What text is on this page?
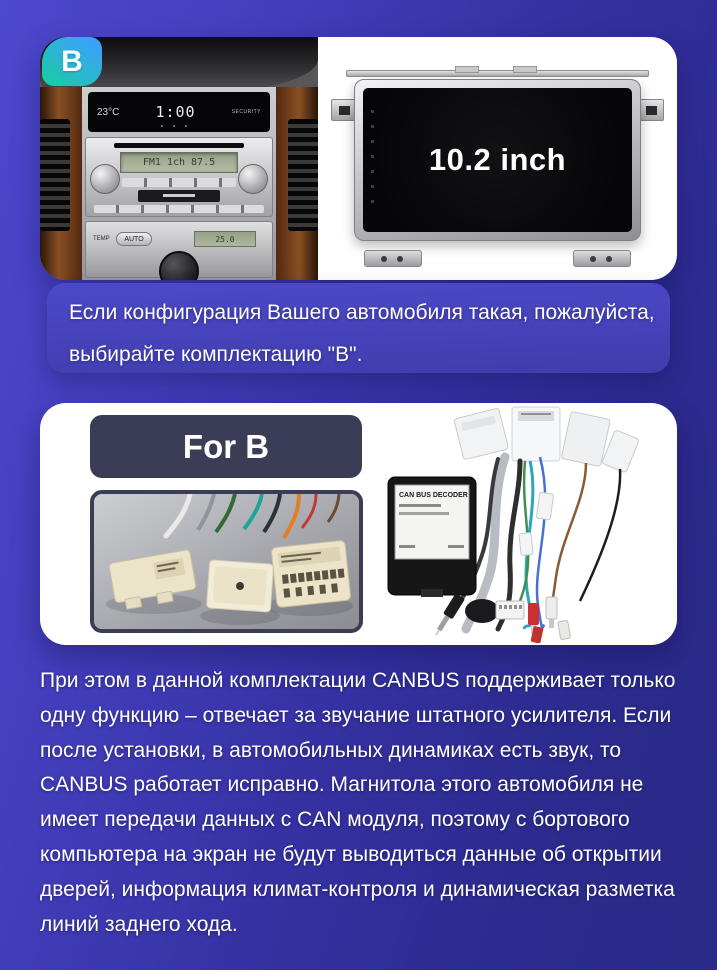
23°C 1:00	SECURITY
FM1 1ch 87.5
TEMP	AUTO	25.0
B
10.2 inch
Если конфигурация Вашего автомобиля такая, пожалуйста,
выбирайте комплектацию "B".
For B
CAN BUS DECODER
При этом в данной комплектации CANBUS поддерживает только
одну функцию – отвечает за звучание штатного усилителя. Если
после установки, в автомобильных динамиках есть звук, то
CANBUS работает исправно. Магнитола этого автомобиля не
имеет передачи данных с CAN модуля, поэтому с бортового
компьютера на экран не будут выводиться данные об открытии
дверей, информация климат-контроля и динамическая разметка
линий заднего хода.
